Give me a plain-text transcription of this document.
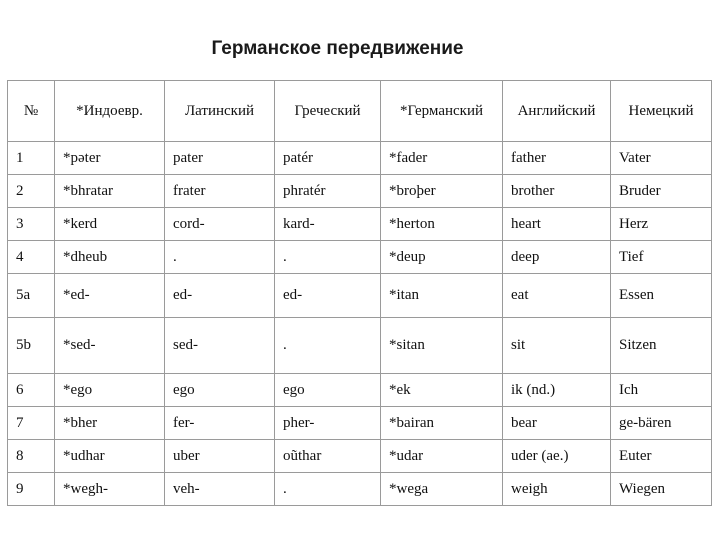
Германское передвижение
№	*Индоевр.	Латинский	Греческий	*Германский	Английский	Немецкий
1	*pəter	pater	patér	*fader	father	Vater
2	*bhratar	frater	phratér	*broþer	brother	Bruder
3	*kerd	cord-	kard-	*herton	heart	Herz
4	*dheub	.	.	*deup	deep	Tief
5a	*ed-	ed-	ed-	*itan	eat	Essen
5b	*sed-	sed-	.	*sitan	sit	Sitzen
6	*ego	ego	ego	*ek	ik (nd.)	Ich
7	*bher	fer-	pher-	*bairan	bear	ge-bären
8	*udhar	uber	oũthar	*udar	uder (ae.)	Euter
9	*wegh-	veh-	.	*wega	weigh	Wiegen
